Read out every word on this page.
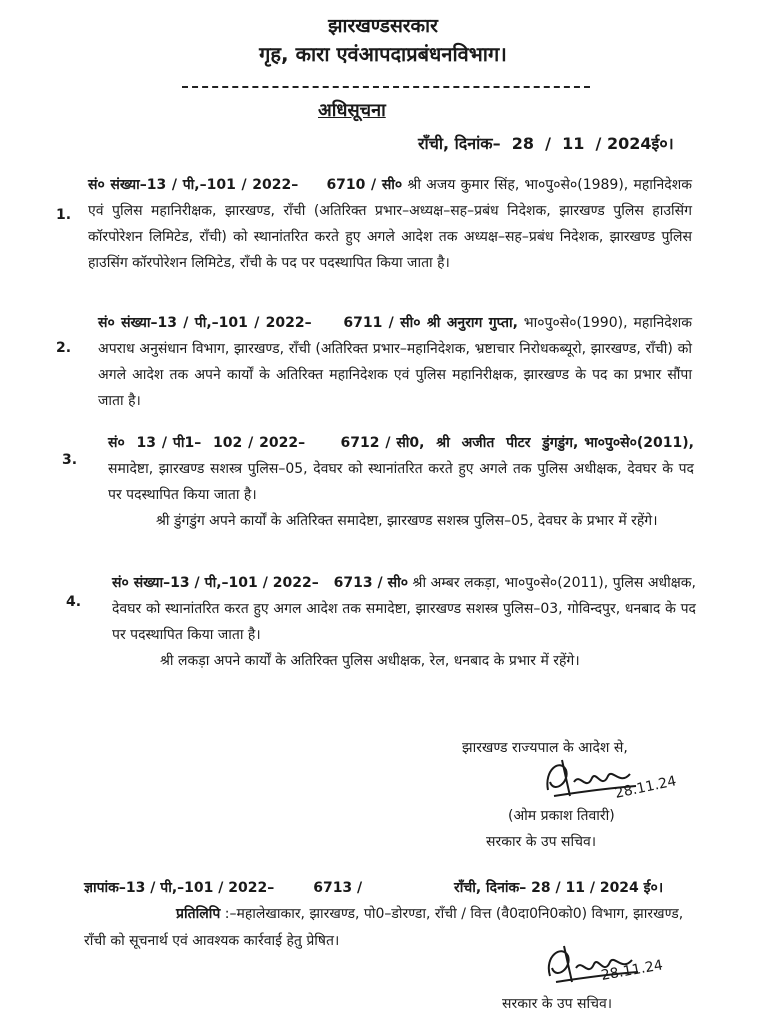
झारखण्डसरकार
गृह, कारा एवंआपदाप्रबंधनविभाग।
अधिसूचना
राँची, दिनांक–  28  /  11  / 2024ई०।
1.
सं० संख्या–13 / पी,–101 / 2022–     6710 / सी० श्री अजय कुमार सिंह, भा०पु०से०(1989), महानिदेशक एवं पुलिस महानिरीक्षक, झारखण्ड, राँची (अतिरिक्त प्रभार–अध्यक्ष–सह–प्रबंध निदेशक, झारखण्ड पुलिस हाउसिंग कॉरपोरेशन लिमिटेड, राँची) को स्थानांतरित करते हुए अगले आदेश तक अध्यक्ष–सह–प्रबंध निदेशक, झारखण्ड पुलिस हाउसिंग कॉरपोरेशन लिमिटेड, राँची के पद पर पदस्थापित किया जाता है।
2.
सं० संख्या–13 / पी,–101 / 2022–     6711 / सी० श्री अनुराग गुप्ता, भा०पु०से०(1990), महानिदेशक अपराध अनुसंधान विभाग, झारखण्ड, राँची (अतिरिक्त प्रभार–महानिदेशक, भ्रष्टाचार निरोधकब्यूरो, झारखण्ड, राँची) को अगले आदेश तक अपने कार्यों के अतिरिक्त महानिदेशक एवं पुलिस महानिरीक्षक, झारखण्ड के पद का प्रभार सौंपा जाता है।
3.
सं०  13 / पी1–  102 / 2022–      6712 / सी0,  श्री  अजीत  पीटर  डुंगडुंग, भा०पु०से०(2011), समादेष्टा, झारखण्ड सशस्त्र पुलिस–05, देवघर को स्थानांतरित करते हुए अगले तक पुलिस अधीक्षक, देवघर के पद पर पदस्थापित किया जाता है।
श्री डुंगडुंग अपने कार्यों के अतिरिक्त समादेष्टा, झारखण्ड सशस्त्र पुलिस–05, देवघर के प्रभार में रहेंगे।
4.
सं० संख्या–13 / पी,–101 / 2022–   6713 / सी० श्री अम्बर लकड़ा, भा०पु०से०(2011), पुलिस अधीक्षक, देवघर को स्थानांतरित करत हुए अगल आदेश तक समादेष्टा, झारखण्ड सशस्त्र पुलिस–03, गोविन्दपुर, धनबाद के पद पर पदस्थापित किया जाता है।
श्री लकड़ा अपने कार्यों के अतिरिक्त पुलिस अधीक्षक, रेल, धनबाद के प्रभार में रहेंगे।
झारखण्ड राज्यपाल के आदेश से,
28.11.24
(ओम प्रकाश तिवारी)
सरकार के उप सचिव।
ज्ञापांक–13 / पी,–101 / 2022–        6713 /	राँची, दिनांक– 28 / 11 / 2024 ई०।
प्रतिलिपि :–महालेखाकार, झारखण्ड, पो0–डोरण्डा, राँची / वित्त (वै0दा0नि0को0) विभाग, झारखण्ड, राँची को सूचनार्थ एवं आवश्यक कार्रवाई हेतु प्रेषित।
28.11.24
सरकार के उप सचिव।
